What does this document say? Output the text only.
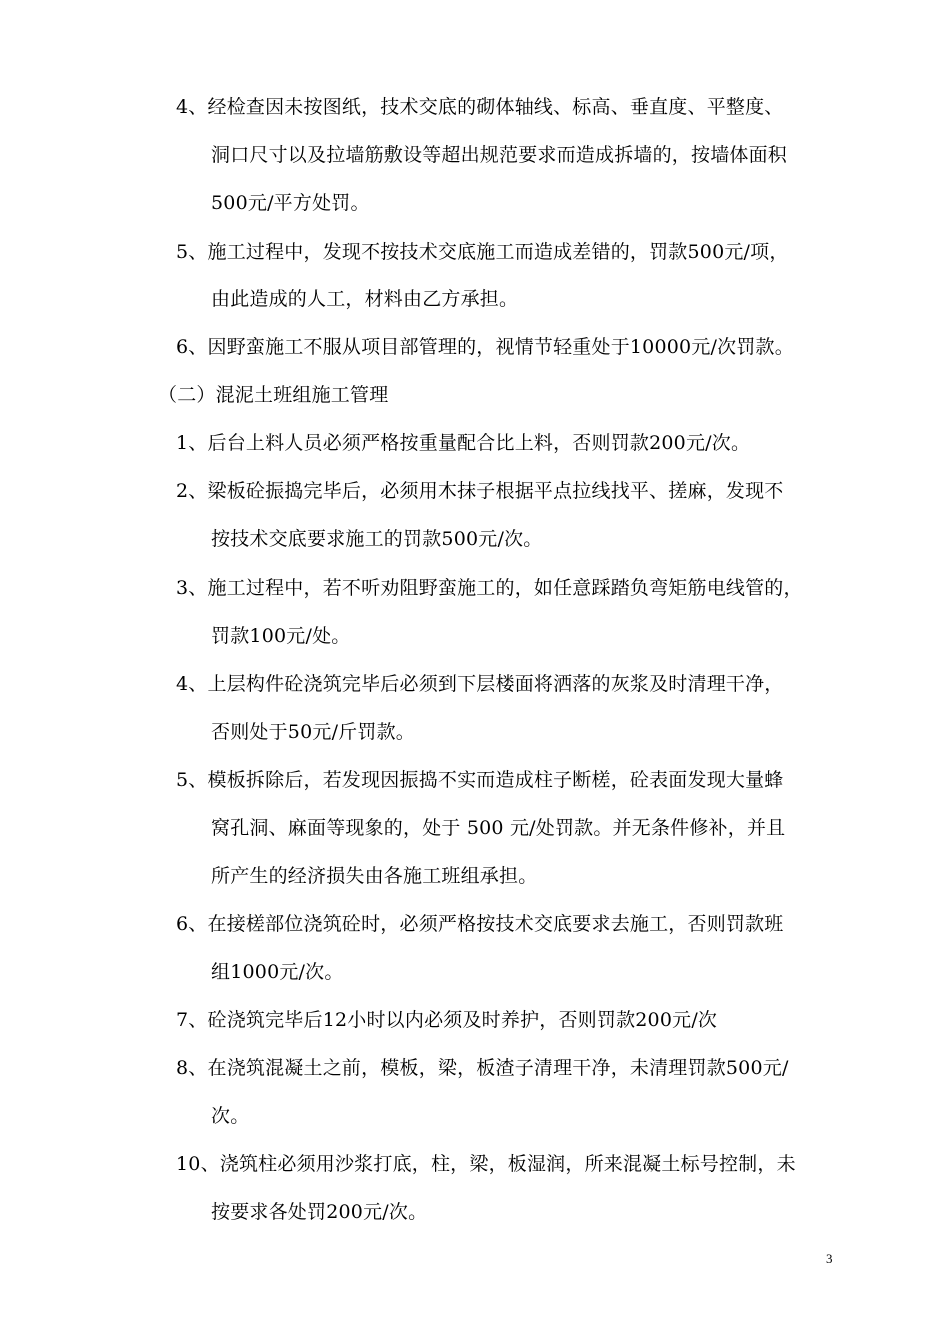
4、经检查因未按图纸，技术交底的砌体轴线、标高、垂直度、平整度、
洞口尺寸以及拉墙筋敷设等超出规范要求而造成拆墙的，按墙体面积
500元/平方处罚。
5、施工过程中，发现不按技术交底施工而造成差错的，罚款500元/项，
由此造成的人工，材料由乙方承担。
6、因野蛮施工不服从项目部管理的，视情节轻重处于10000元/次罚款。
（二）混泥土班组施工管理
1、后台上料人员必须严格按重量配合比上料，否则罚款200元/次。
2、梁板砼振捣完毕后，必须用木抹子根据平点拉线找平、搓麻，发现不
按技术交底要求施工的罚款500元/次。
3、施工过程中，若不听劝阻野蛮施工的，如任意踩踏负弯矩筋电线管的，
罚款100元/处。
4、上层构件砼浇筑完毕后必须到下层楼面将洒落的灰浆及时清理干净，
否则处于50元/斤罚款。
5、模板拆除后，若发现因振捣不实而造成柱子断槎，砼表面发现大量蜂
窝孔洞、麻面等现象的，处于 500 元/处罚款。并无条件修补，并且
所产生的经济损失由各施工班组承担。
6、在接槎部位浇筑砼时，必须严格按技术交底要求去施工，否则罚款班
组1000元/次。
7、砼浇筑完毕后12小时以内必须及时养护，否则罚款200元/次
8、在浇筑混凝土之前，模板，梁，板渣子清理干净，未清理罚款500元/
次。
10、浇筑柱必须用沙浆打底，柱，梁，板湿润，所来混凝土标号控制，未
按要求各处罚200元/次。
3
